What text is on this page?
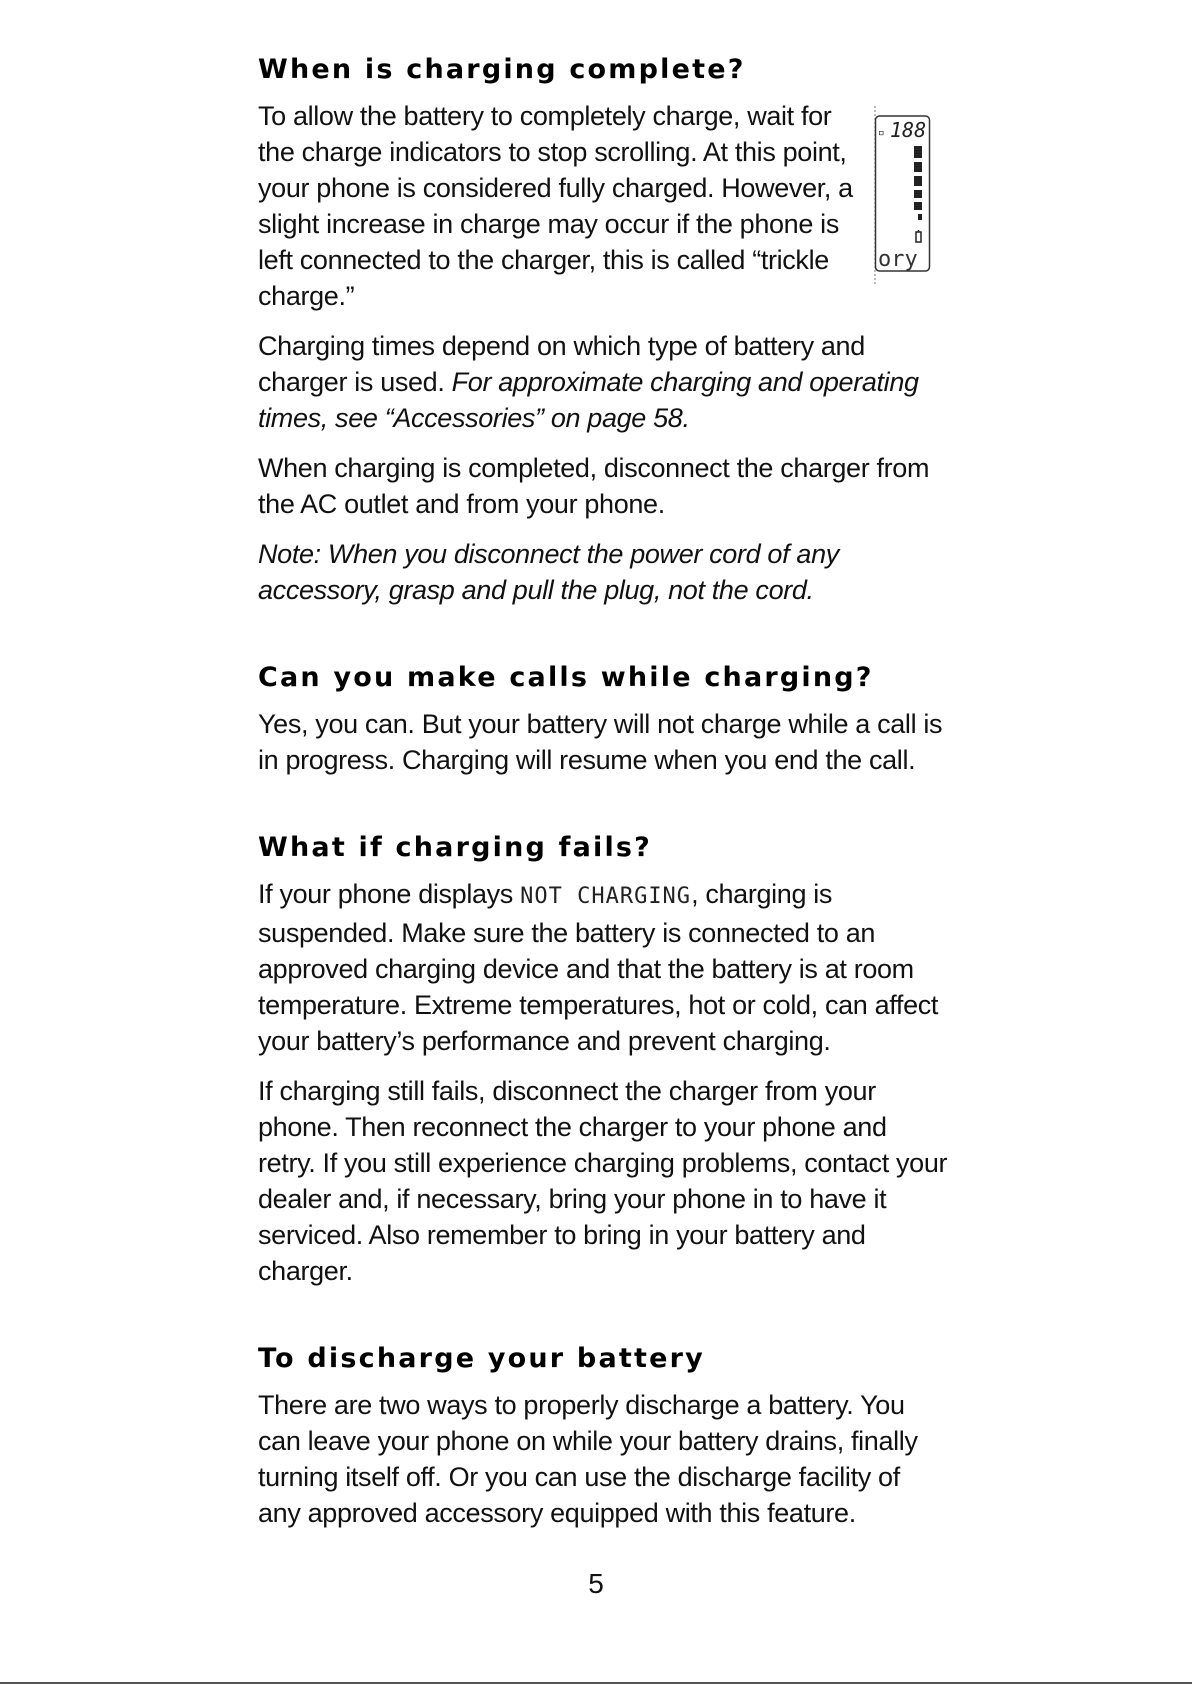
When is charging complete?

To allow the battery to completely charge, wait for the charge indicators to stop scrolling. At this point, your phone is considered fully charged. However, a slight increase in charge may occur if the phone is left connected to the charger, this is called “trickle charge.”

▫ 188
ory

Charging times depend on which type of battery and charger is used. For approximate charging and operating times, see “Accessories” on page 58.

When charging is completed, disconnect the charger from the AC outlet and from your phone.

Note: When you disconnect the power cord of any accessory, grasp and pull the plug, not the cord.

Can you make calls while charging?

Yes, you can. But your battery will not charge while a call is in progress. Charging will resume when you end the call.

What if charging fails?

If your phone displays NOT CHARGING, charging is suspended. Make sure the battery is connected to an approved charging device and that the battery is at room temperature. Extreme temperatures, hot or cold, can affect your battery’s performance and prevent charging.

If charging still fails, disconnect the charger from your phone. Then reconnect the charger to your phone and retry. If you still experience charging problems, contact your dealer and, if necessary, bring your phone in to have it serviced. Also remember to bring in your battery and charger.

To discharge your battery

There are two ways to properly discharge a battery. You can leave your phone on while your battery drains, finally turning itself off. Or you can use the discharge facility of any approved accessory equipped with this feature.

5
